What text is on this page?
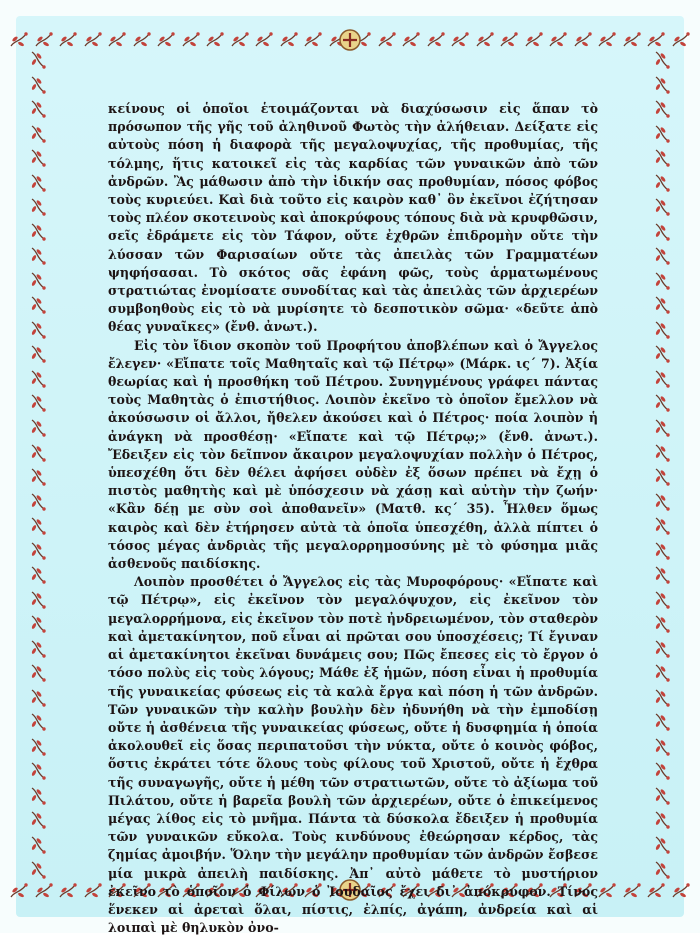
κείνους οἱ ὁποῖοι ἑτοιμάζονται νὰ διαχύσωσιν εἰς ἅπαν τὸ πρόσωπον τῆς γῆς τοῦ ἀληθινοῦ Φωτὸς τὴν ἀλήθειαν. Δείξατε εἰς αὐτοὺς πόση ἡ διαφορὰ τῆς μεγαλοψυχίας, τῆς προθυμίας, τῆς τόλμης, ἥτις κατοικεῖ εἰς τὰς καρδίας τῶν γυναικῶν ἀπὸ τῶν ἀνδρῶν. Ἂς μάθωσιν ἀπὸ τὴν ἰδικήν σας προθυμίαν, πόσος φόβος τοὺς κυριεύει. Καὶ διὰ τοῦτο εἰς καιρὸν καθ᾽ ὃν ἐκεῖνοι ἐζήτησαν τοὺς πλέον σκοτεινοὺς καὶ ἀποκρύφους τόπους διὰ νὰ κρυφθῶσιν, σεῖς ἐδράμετε εἰς τὸν Τάφον, οὔτε ἐχθρῶν ἐπιδρομὴν οὔτε τὴν λύσσαν τῶν Φαρισαίων οὔτε τὰς ἀπειλὰς τῶν Γραμματέων ψηφήσασαι. Τὸ σκότος σᾶς ἐφάνη φῶς, τοὺς ἁρματωμένους στρατιώτας ἐνομίσατε συνοδίτας καὶ τὰς ἀπειλὰς τῶν ἀρχιερέων συμβοηθοὺς εἰς τὸ νὰ μυρίσητε τὸ δεσποτικὸν σῶμα· «δεῦτε ἀπὸ θέας γυναῖκες» (ἔνθ. ἀνωτ.).

Εἰς τὸν ἴδιον σκοπὸν τοῦ Προφήτου ἀποβλέπων καὶ ὁ Ἄγγελος ἔλεγεν· «Εἴπατε τοῖς Μαθηταῖς καὶ τῷ Πέτρῳ» (Μάρκ. ις´ 7). Ἀξία θεωρίας καὶ ἡ προσθήκη τοῦ Πέτρου. Συνηγμένους γράφει πάντας τοὺς Μαθητὰς ὁ ἐπιστήθιος. Λοιπὸν ἐκεῖνο τὸ ὁποῖον ἔμελλον νὰ ἀκούσωσιν οἱ ἄλλοι, ἤθελεν ἀκούσει καὶ ὁ Πέτρος· ποία λοιπὸν ἡ ἀνάγκη νὰ προσθέσῃ· «Εἴπατε καὶ τῷ Πέτρῳ;» (ἔνθ. ἀνωτ.). Ἔδειξεν εἰς τὸν δεῖπνον ἄκαιρον μεγαλοψυχίαν πολλὴν ὁ Πέτρος, ὑπεσχέθη ὅτι δὲν θέλει ἀφήσει οὐδὲν ἐξ ὅσων πρέπει νὰ ἔχῃ ὁ πιστὸς μαθητὴς καὶ μὲ ὑπόσχεσιν νὰ χάσῃ καὶ αὐτὴν τὴν ζωήν· «Κἂν δέῃ με σὺν σοὶ ἀποθανεῖν» (Ματθ. κς´ 35). Ἦλθεν ὅμως καιρὸς καὶ δὲν ἐτήρησεν αὐτὰ τὰ ὁποῖα ὑπεσχέθη, ἀλλὰ πίπτει ὁ τόσος μέγας ἀνδριὰς τῆς μεγαλορρημοσύνης μὲ τὸ φύσημα μιᾶς ἀσθενοῦς παιδίσκης.

Λοιπὸν προσθέτει ὁ Ἄγγελος εἰς τὰς Μυροφόρους· «Εἴπατε καὶ τῷ Πέτρῳ», εἰς ἐκεῖνον τὸν μεγαλόψυχον, εἰς ἐκεῖνον τὸν μεγαλορρήμονα, εἰς ἐκεῖνον τὸν ποτὲ ἠνδρειωμένον, τὸν σταθερὸν καὶ ἀμετακίνητον, ποῦ εἶναι αἱ πρῶται σου ὑποσχέσεις; Τί ἔγιναν αἱ ἀμετακίνητοι ἐκεῖναι δυνάμεις σου; Πῶς ἔπεσες εἰς τὸ ἔργον ὁ τόσο πολὺς εἰς τοὺς λόγους; Μάθε ἐξ ἡμῶν, πόση εἶναι ἡ προθυμία τῆς γυναικείας φύσεως εἰς τὰ καλὰ ἔργα καὶ πόση ἡ τῶν ἀνδρῶν. Τῶν γυναικῶν τὴν καλὴν βουλὴν δὲν ἠδυνήθη νὰ τὴν ἐμποδίσῃ οὔτε ἡ ἀσθένεια τῆς γυναικείας φύσεως, οὔτε ἡ δυσφημία ἡ ὁποία ἀκολουθεῖ εἰς ὅσας περιπατοῦσι τὴν νύκτα, οὔτε ὁ κοινὸς φόβος, ὅστις ἐκράτει τότε ὅλους τοὺς φίλους τοῦ Χριστοῦ, οὔτε ἡ ἔχθρα τῆς συναγωγῆς, οὔτε ἡ μέθη τῶν στρατιωτῶν, οὔτε τὸ ἀξίωμα τοῦ Πιλάτου, οὔτε ἡ βαρεῖα βουλὴ τῶν ἀρχιερέων, οὔτε ὁ ἐπικείμενος μέγας λίθος εἰς τὸ μνῆμα. Πάντα τὰ δύσκολα ἔδειξεν ἡ προθυμία τῶν γυναικῶν εὔκολα. Τοὺς κινδύνους ἐθεώρησαν κέρδος, τὰς ζημίας ἀμοιβήν. Ὅλην τὴν μεγάλην προθυμίαν τῶν ἀνδρῶν ἔσβεσε μία μικρὰ ἀπειλὴ παιδίσκης. Ἀπ᾽ αὐτὸ μάθετε τὸ μυστήριον ἐκεῖνο τὸ ὁποῖον ὁ Φίλων ὁ Ἰουδαῖος ἔχει δι᾽ ἀπόκρυφον. Τίνος ἕνεκεν αἱ ἀρεταὶ ὅλαι, πίστις, ἐλπίς, ἀγάπη, ἀνδρεία καὶ αἱ λοιπαὶ μὲ θηλυκὸν ὀνο-
